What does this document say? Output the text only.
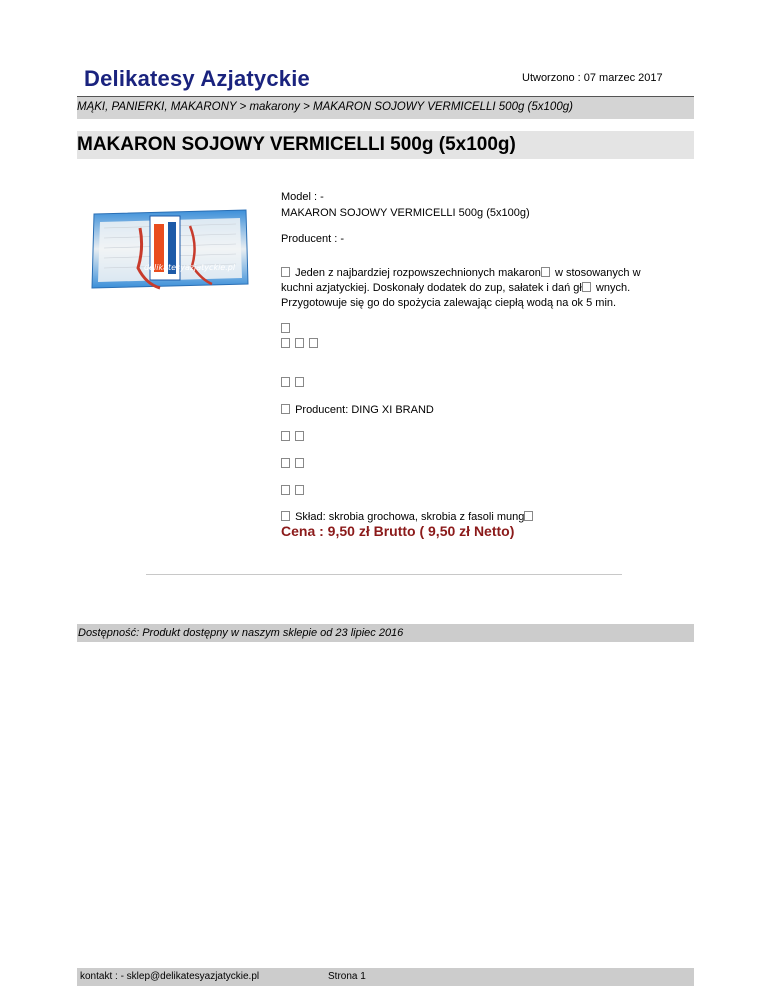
Delikatesy Azjatyckie	Utworzono : 07 marzec 2017
MĄKI, PANIERKI, MAKARONY > makarony > MAKARON SOJOWY VERMICELLI 500g (5x100g)
MAKARON SOJOWY VERMICELLI 500g (5x100g)
delikatesyazjatyckie.pl
Model : -
MAKARON SOJOWY VERMICELLI 500g (5x100g)
Producent : -
Jeden z najbardziej rozpowszechnionych makaron w stosowanych w
kuchni azjatyckiej. Doskonały dodatek do zup, sałatek i dań gł wnych.
Przygotowuje się go do spożycia zalewając ciepłą wodą na ok 5 min.

Producent: DING XI BRAND

Skład: skrobia grochowa, skrobia z fasoli mung
Cena : 9,50 zł Brutto ( 9,50 zł Netto)
Dostępność: Produkt dostępny w naszym sklepie od 23 lipiec 2016
kontakt : - sklep@delikatesyazjatyckie.pl	Strona 1
